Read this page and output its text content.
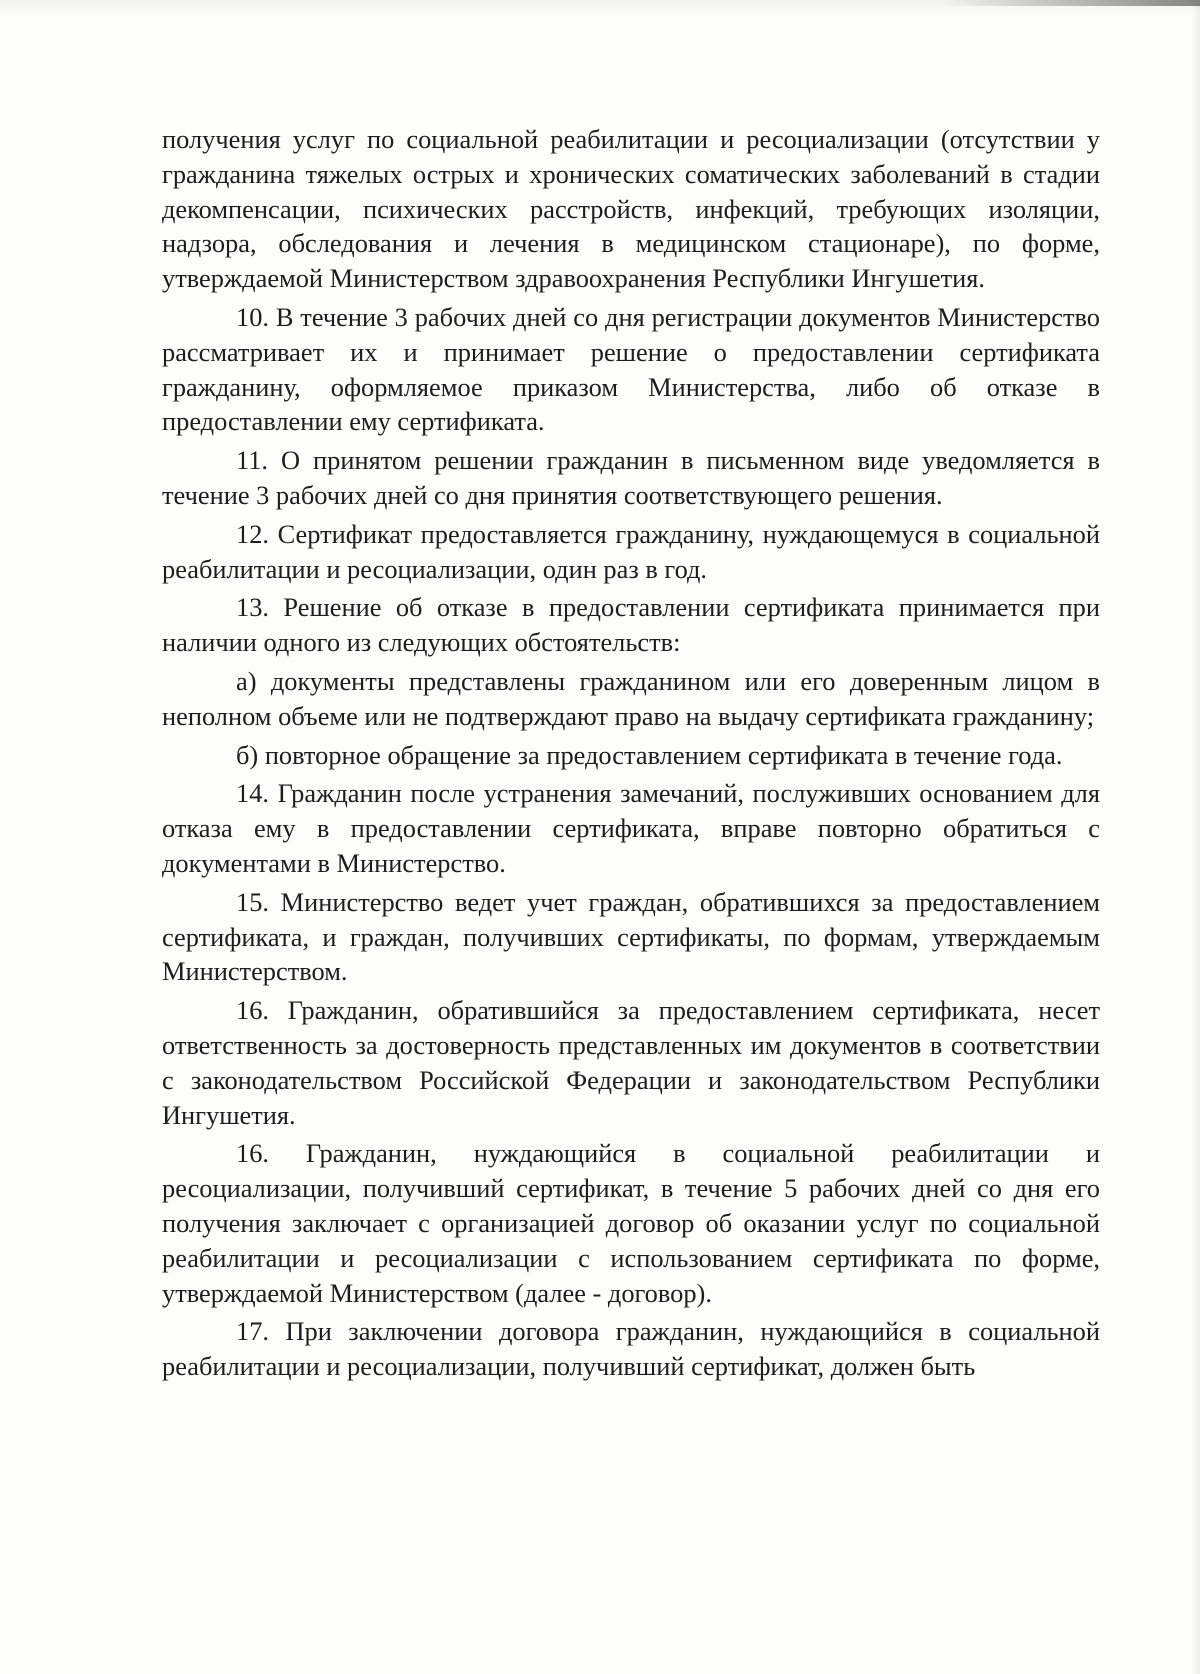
получения услуг по социальной реабилитации и ресоциализации (отсутствии у гражданина тяжелых острых и хронических соматических заболеваний в стадии декомпенсации, психических расстройств, инфекций, требующих изоляции, надзора, обследования и лечения в медицинском стационаре), по форме, утверждаемой Министерством здравоохранения Республики Ингушетия.

10. В течение 3 рабочих дней со дня регистрации документов Министерство рассматривает их и принимает решение о предоставлении сертификата гражданину, оформляемое приказом Министерства, либо об отказе в предоставлении ему сертификата.

11. О принятом решении гражданин в письменном виде уведомляется в течение 3 рабочих дней со дня принятия соответствующего решения.

12. Сертификат предоставляется гражданину, нуждающемуся в социальной реабилитации и ресоциализации, один раз в год.

13. Решение об отказе в предоставлении сертификата принимается при наличии одного из следующих обстоятельств:

а) документы представлены гражданином или его доверенным лицом в неполном объеме или не подтверждают право на выдачу сертификата гражданину;

б) повторное обращение за предоставлением сертификата в течение года.

14. Гражданин после устранения замечаний, послуживших основанием для отказа ему в предоставлении сертификата, вправе повторно обратиться с документами в Министерство.

15. Министерство ведет учет граждан, обратившихся за предоставлением сертификата, и граждан, получивших сертификаты, по формам, утверждаемым Министерством.

16. Гражданин, обратившийся за предоставлением сертификата, несет ответственность за достоверность представленных им документов в соответствии с законодательством Российской Федерации и законодательством Республики Ингушетия.

16. Гражданин, нуждающийся в социальной реабилитации и ресоциализации, получивший сертификат, в течение 5 рабочих дней со дня его получения заключает с организацией договор об оказании услуг по социальной реабилитации и ресоциализации с использованием сертификата по форме, утверждаемой Министерством (далее - договор).

17. При заключении договора гражданин, нуждающийся в социальной реабилитации и ресоциализации, получивший сертификат, должен быть
